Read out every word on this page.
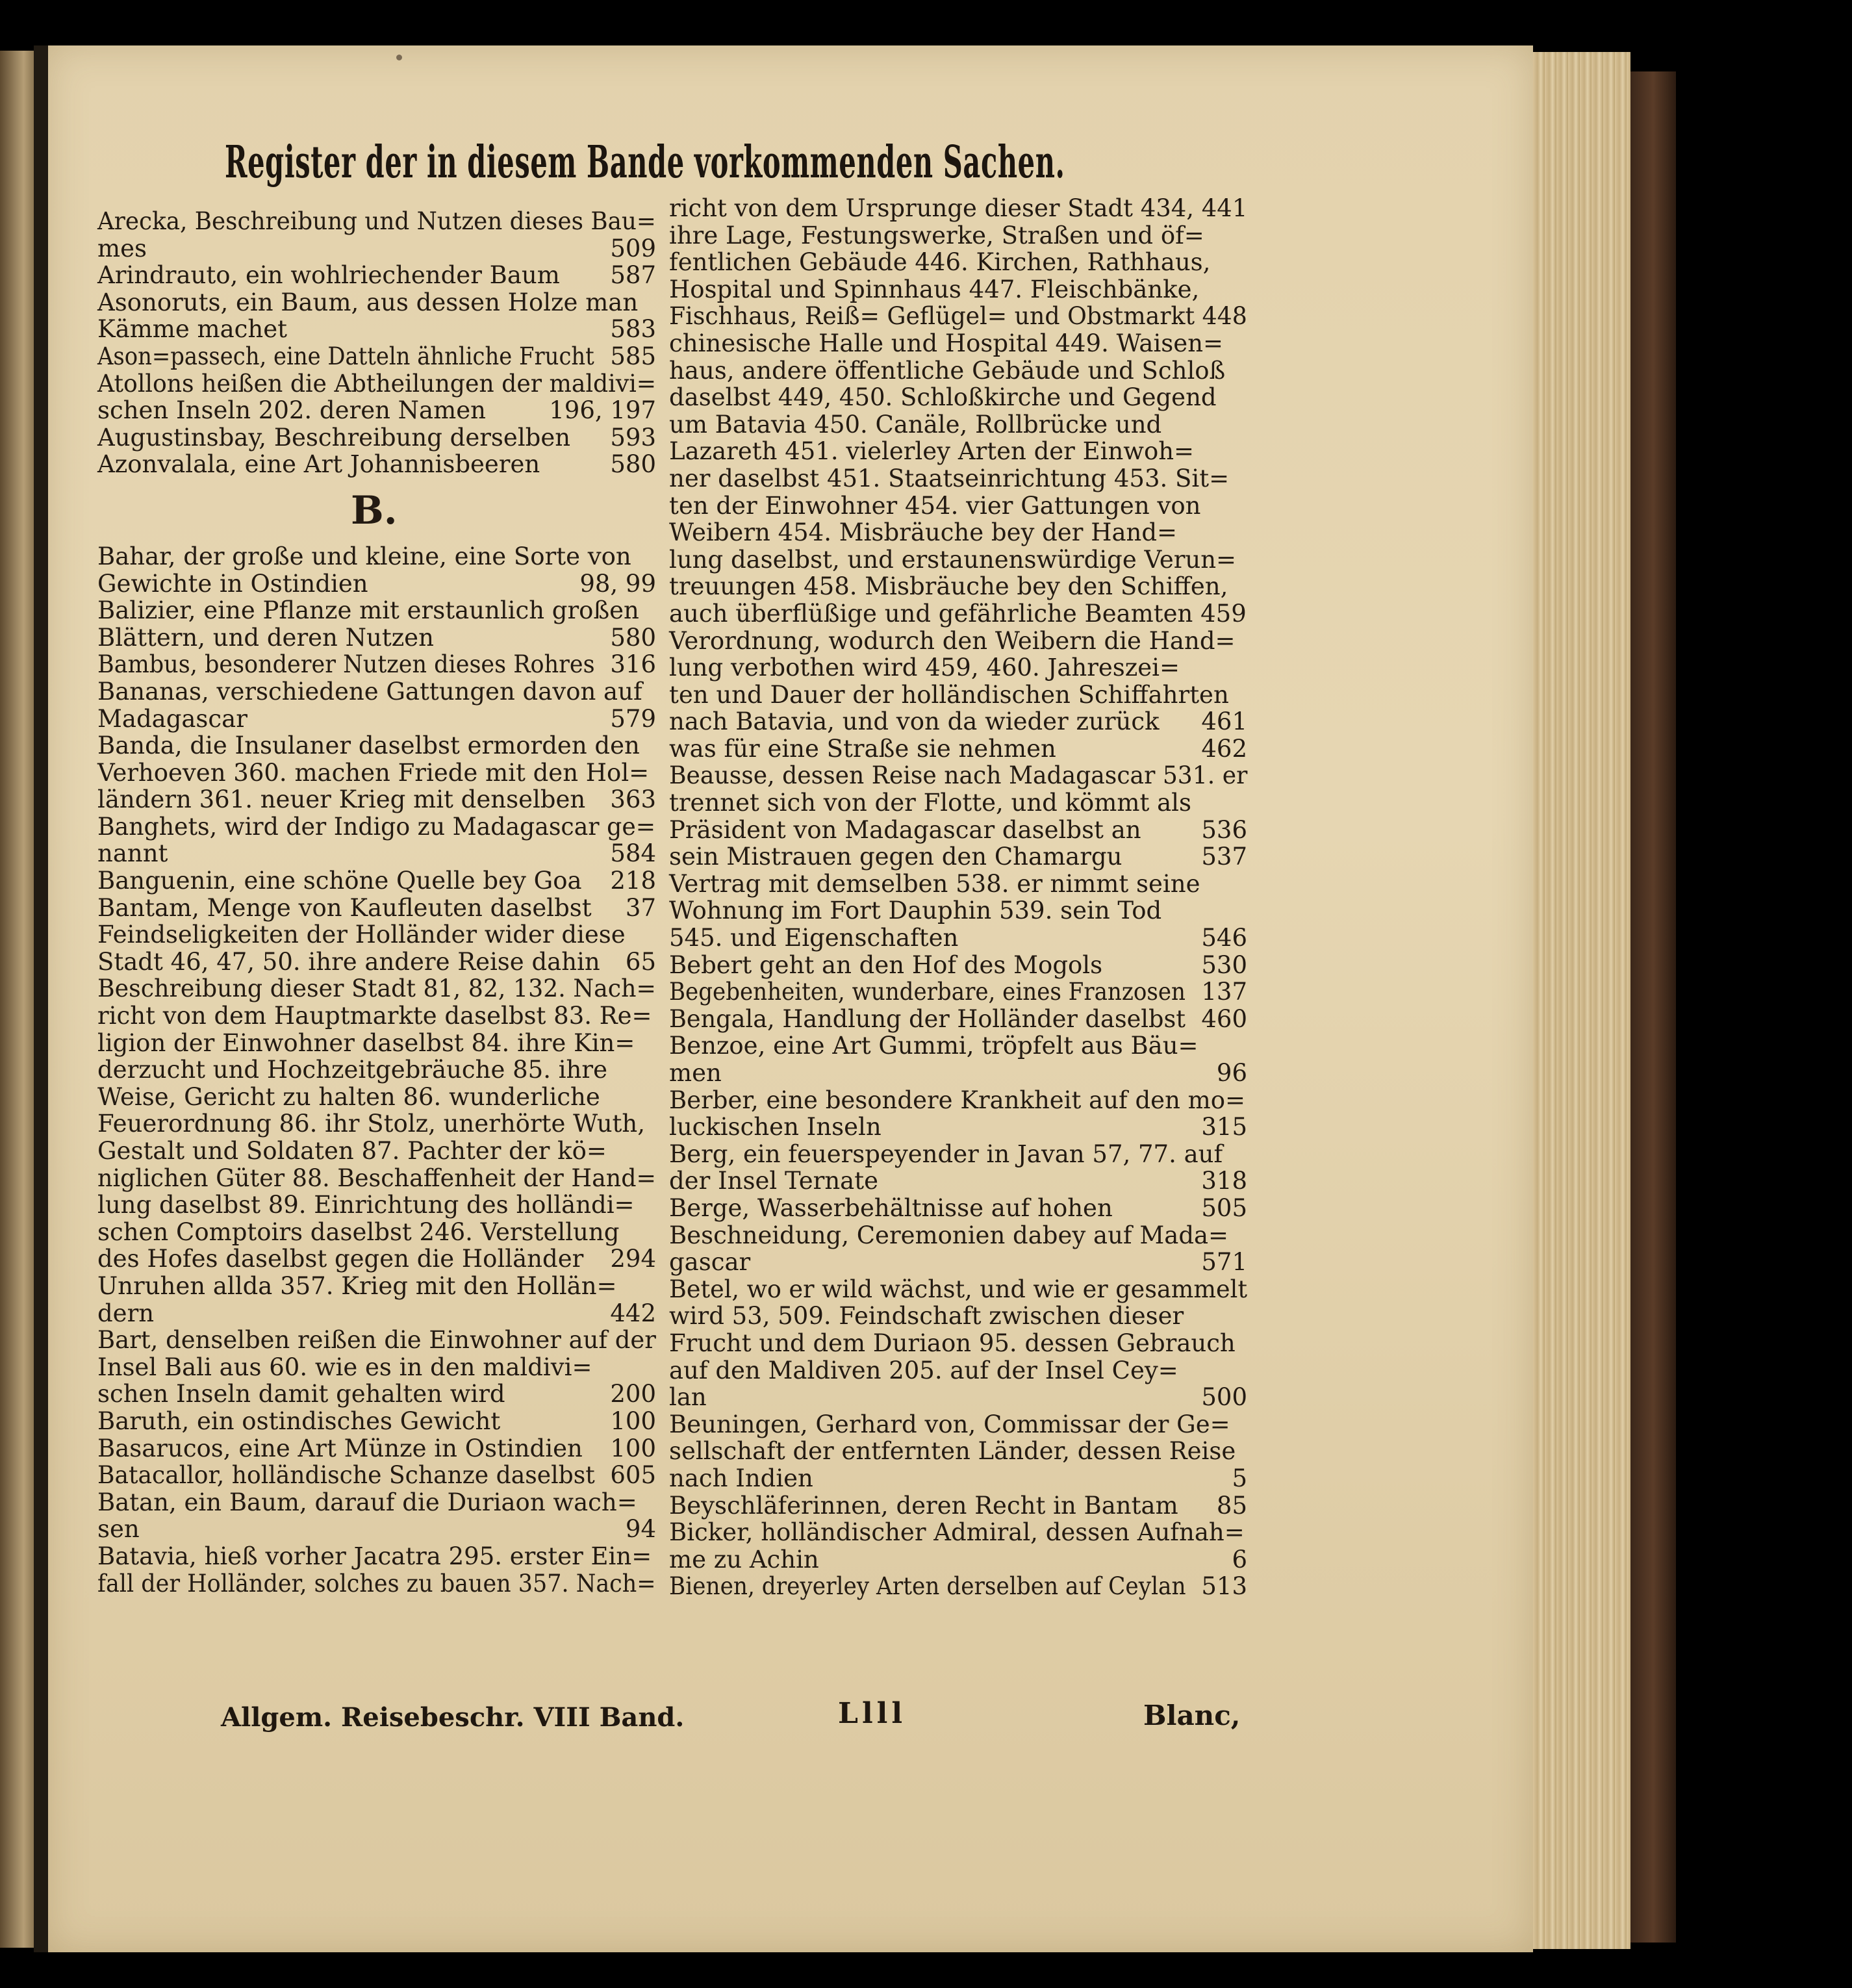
Register der in diesem Bande vorkommenden Sachen.
Arecka, Beschreibung und Nutzen dieses Bau=
mes	509
Arindrauto, ein wohlriechender Baum 587
Asonoruts, ein Baum, aus dessen Holze man
Kämme machet	583
Ason=passech, eine Datteln ähnliche Frucht 585
Atollons heißen die Abtheilungen der maldivi=
schen Inseln 202. deren Namen	196, 197
Augustinsbay, Beschreibung derselben 593
Azonvalala, eine Art Johannisbeeren	580
B.
Bahar, der große und kleine, eine Sorte von
Gewichte in Ostindien	98, 99
Balizier, eine Pflanze mit erstaunlich großen
Blättern, und deren Nutzen	580
Bambus, besonderer Nutzen dieses Rohres 316
Bananas, verschiedene Gattungen davon auf
Madagascar	579
Banda, die Insulaner daselbst ermorden den
Verhoeven 360. machen Friede mit den Hol=
ländern 361. neuer Krieg mit denselben 363
Banghets, wird der Indigo zu Madagascar ge=
nannt	584
Banguenin, eine schöne Quelle bey Goa 218
Bantam, Menge von Kaufleuten daselbst 37
Feindseligkeiten der Holländer wider diese
Stadt 46, 47, 50. ihre andere Reise dahin 65
Beschreibung dieser Stadt 81, 82, 132. Nach=
richt von dem Hauptmarkte daselbst 83. Re=
ligion der Einwohner daselbst 84. ihre Kin=
derzucht und Hochzeitgebräuche 85. ihre
Weise, Gericht zu halten 86. wunderliche
Feuerordnung 86. ihr Stolz, unerhörte Wuth,
Gestalt und Soldaten 87. Pachter der kö=
niglichen Güter 88. Beschaffenheit der Hand=
lung daselbst 89. Einrichtung des holländi=
schen Comptoirs daselbst 246. Verstellung
des Hofes daselbst gegen die Holländer 294
Unruhen allda 357. Krieg mit den Hollän=
dern	442
Bart, denselben reißen die Einwohner auf der
Insel Bali aus 60. wie es in den maldivi=
schen Inseln damit gehalten wird	200
Baruth, ein ostindisches Gewicht	100
Basarucos, eine Art Münze in Ostindien 100
Batacallor, holländische Schanze daselbst 605
Batan, ein Baum, darauf die Duriaon wach=
sen	94
Batavia, hieß vorher Jacatra 295. erster Ein=
fall der Holländer, solches zu bauen 357. Nach=
richt von dem Ursprunge dieser Stadt 434, 441
ihre Lage, Festungswerke, Straßen und öf=
fentlichen Gebäude 446. Kirchen, Rathhaus,
Hospital und Spinnhaus 447. Fleischbänke,
Fischhaus, Reiß= Geflügel= und Obstmarkt 448
chinesische Halle und Hospital 449. Waisen=
haus, andere öffentliche Gebäude und Schloß
daselbst 449, 450. Schloßkirche und Gegend
um Batavia 450. Canäle, Rollbrücke und
Lazareth 451. vielerley Arten der Einwoh=
ner daselbst 451. Staatseinrichtung 453. Sit=
ten der Einwohner 454. vier Gattungen von
Weibern 454. Misbräuche bey der Hand=
lung daselbst, und erstaunenswürdige Verun=
treuungen 458. Misbräuche bey den Schiffen,
auch überflüßige und gefährliche Beamten 459
Verordnung, wodurch den Weibern die Hand=
lung verbothen wird 459, 460. Jahreszei=
ten und Dauer der holländischen Schiffahrten
nach Batavia, und von da wieder zurück 461
was für eine Straße sie nehmen	462
Beausse, dessen Reise nach Madagascar 531. er
trennet sich von der Flotte, und kömmt als
Präsident von Madagascar daselbst an	536
sein Mistrauen gegen den Chamargu	537
Vertrag mit demselben 538. er nimmt seine
Wohnung im Fort Dauphin 539. sein Tod
545. und Eigenschaften	546
Bebert geht an den Hof des Mogols	530
Begebenheiten, wunderbare, eines Franzosen 137
Bengala, Handlung der Holländer daselbst 460
Benzoe, eine Art Gummi, tröpfelt aus Bäu=
men	96
Berber, eine besondere Krankheit auf den mo=
luckischen Inseln	315
Berg, ein feuerspeyender in Javan 57, 77. auf
der Insel Ternate	318
Berge, Wasserbehältnisse auf hohen	505
Beschneidung, Ceremonien dabey auf Mada=
gascar	571
Betel, wo er wild wächst, und wie er gesammelt
wird 53, 509. Feindschaft zwischen dieser
Frucht und dem Duriaon 95. dessen Gebrauch
auf den Maldiven 205. auf der Insel Cey=
lan	500
Beuningen, Gerhard von, Commissar der Ge=
sellschaft der entfernten Länder, dessen Reise
nach Indien	5
Beyschläferinnen, deren Recht in Bantam 85
Bicker, holländischer Admiral, dessen Aufnah=
me zu Achin	6
Bienen, dreyerley Arten derselben auf Ceylan 513
Allgem. Reisebeschr. VIII Band.	Llll	Blanc,
